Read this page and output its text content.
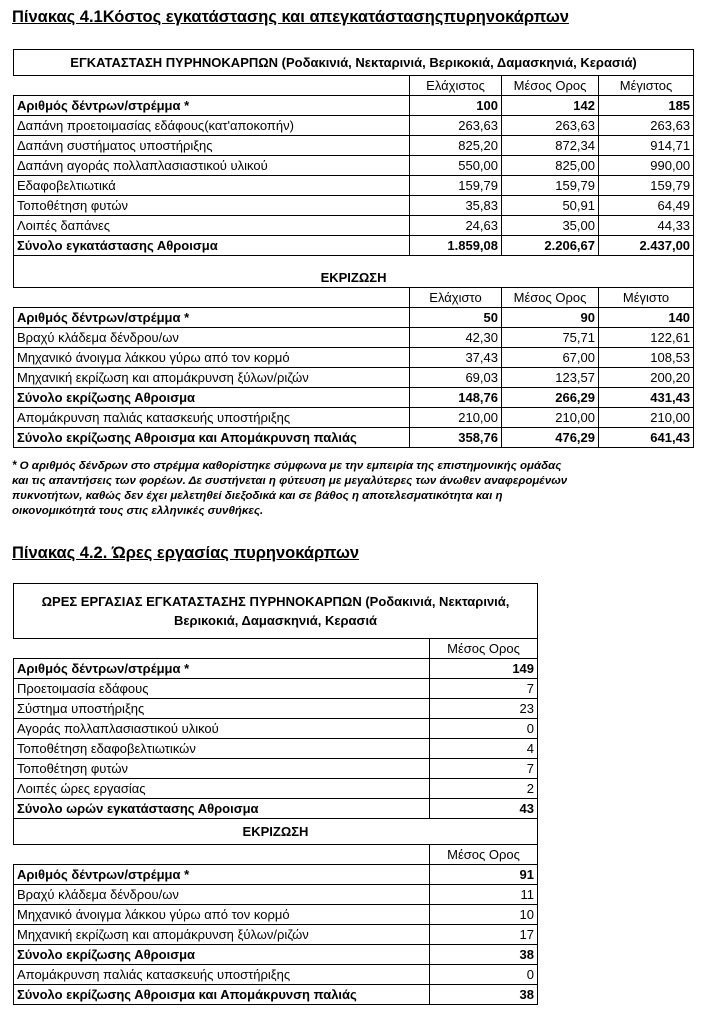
Πίνακας 4.1Κόστος εγκατάστασης και απεγκατάστασηςπυρηνοκάρπων
ΕΓΚΑΤΑΣΤΑΣΗ ΠΥΡΗΝΟΚΑΡΠΩΝ (Ροδακινιά, Νεκταρινιά, Βερικοκιά, Δαμασκηνιά, Κερασιά)			
	Ελάχιστος	Μέσος Ορος	Μέγιστος
Αριθμός δέντρων/στρέμμα *	100	142	185
Δαπάνη προετοιμασίας εδάφους(κατ'αποκοπήν)	263,63	263,63	263,63
Δαπάνη συστήματος υποστήριξης	825,20	872,34	914,71
Δαπάνη αγοράς πολλαπλασιαστικού υλικού	550,00	825,00	990,00
Εδαφοβελτιωτικά	159,79	159,79	159,79
Τοποθέτηση φυτών	35,83	50,91	64,49
Λοιπές δαπάνες	24,63	35,00	44,33
Σύνολο εγκατάστασης Αθροισμα	1.859,08	2.206,67	2.437,00

ΕΚΡΙΖΩΣΗ			
	Ελάχιστο	Μέσος Ορος	Μέγιστο
Αριθμός δέντρων/στρέμμα *	50	90	140
Βραχύ κλάδεμα δένδρου/ων	42,30	75,71	122,61
Μηχανικό άνοιγμα λάκκου γύρω από τον κορμό	37,43	67,00	108,53
Μηχανική εκρίζωση και απομάκρυνση ξύλων/ριζών	69,03	123,57	200,20
Σύνολο εκρίζωσης Αθροισμα	148,76	266,29	431,43
Απομάκρυνση παλιάς κατασκευής υποστήριξης	210,00	210,00	210,00
Σύνολο εκρίζωσης Αθροισμα και Απομάκρυνση παλιάς	358,76	476,29	641,43
* Ο αριθμός δένδρων στο στρέμμα καθορίστηκε σύμφωνα με την εμπειρία της επιστημονικής ομάδας
και τις απαντήσεις των φορέων. Δε συστήνεται η φύτευση με μεγαλύτερες των άνωθεν αναφερομένων
πυκνοτήτων, καθώς δεν έχει μελετηθεί διεξοδικά και σε βάθος η αποτελεσματικότητα και η
οικονομικότητά τους στις ελληνικές συνθήκες.
Πίνακας 4.2. Ώρες εργασίας πυρηνοκάρπων
ΩΡΕΣ ΕΡΓΑΣΙΑΣ ΕΓΚΑΤΑΣΤΑΣΗΣ ΠΥΡΗΝΟΚΑΡΠΩΝ (Ροδακινιά, Νεκταρινιά, Βερικοκιά, Δαμασκηνιά, Κερασιά	
	Μέσος Ορος
Αριθμός δέντρων/στρέμμα *	149
Προετοιμασία εδάφους	7
Σύστημα υποστήριξης	23
Αγοράς πολλαπλασιαστικού υλικού	0
Τοποθέτηση εδαφοβελτιωτικών	4
Τοποθέτηση φυτών	7
Λοιπές ώρες εργασίας	2
Σύνολο ωρών εγκατάστασης Αθροισμα	43
ΕΚΡΙΖΩΣΗ	
	Μέσος Ορος
Αριθμός δέντρων/στρέμμα *	91
Βραχύ κλάδεμα δένδρου/ων	11
Μηχανικό άνοιγμα λάκκου γύρω από τον κορμό	10
Μηχανική εκρίζωση και απομάκρυνση ξύλων/ριζών	17
Σύνολο εκρίζωσης Αθροισμα	38
Απομάκρυνση παλιάς κατασκευής υποστήριξης	0
Σύνολο εκρίζωσης Αθροισμα και Απομάκρυνση παλιάς	38
